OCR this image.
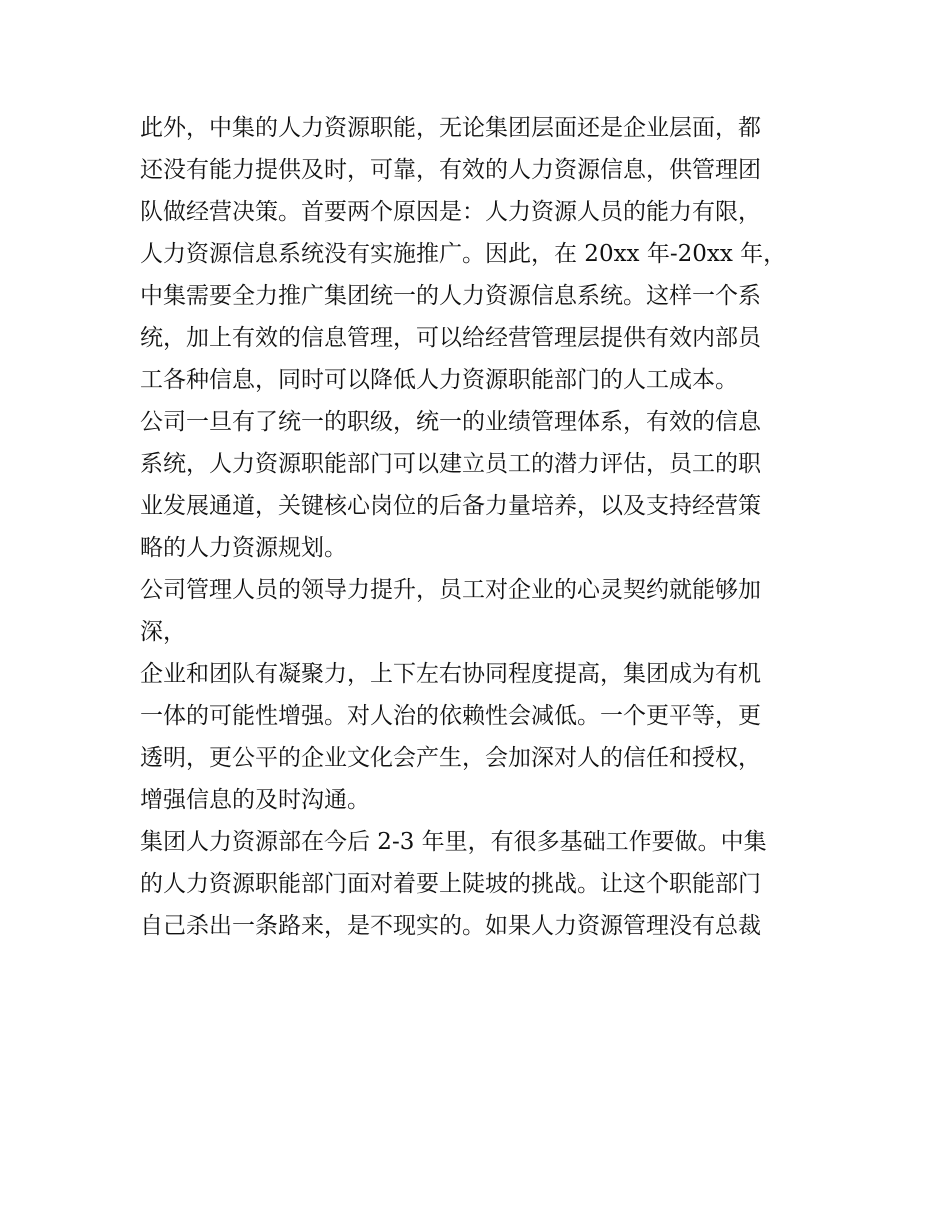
此外，中集的人力资源职能，无论集团层面还是企业层面，都
还没有能力提供及时，可靠，有效的人力资源信息，供管理团
队做经营决策。首要两个原因是：人力资源人员的能力有限，
人力资源信息系统没有实施推广。因此，在 20xx 年-20xx 年，
中集需要全力推广集团统一的人力资源信息系统。这样一个系
统，加上有效的信息管理，可以给经营管理层提供有效内部员
工各种信息，同时可以降低人力资源职能部门的人工成本。
公司一旦有了统一的职级，统一的业绩管理体系，有效的信息
系统，人力资源职能部门可以建立员工的潜力评估，员工的职
业发展通道，关键核心岗位的后备力量培养，以及支持经营策
略的人力资源规划。
公司管理人员的领导力提升，员工对企业的心灵契约就能够加
深，
企业和团队有凝聚力，上下左右协同程度提高，集团成为有机
一体的可能性增强。对人治的依赖性会减低。一个更平等，更
透明，更公平的企业文化会产生，会加深对人的信任和授权，
增强信息的及时沟通。
集团人力资源部在今后 2-3 年里，有很多基础工作要做。中集
的人力资源职能部门面对着要上陡坡的挑战。让这个职能部门
自己杀出一条路来，是不现实的。如果人力资源管理没有总裁
